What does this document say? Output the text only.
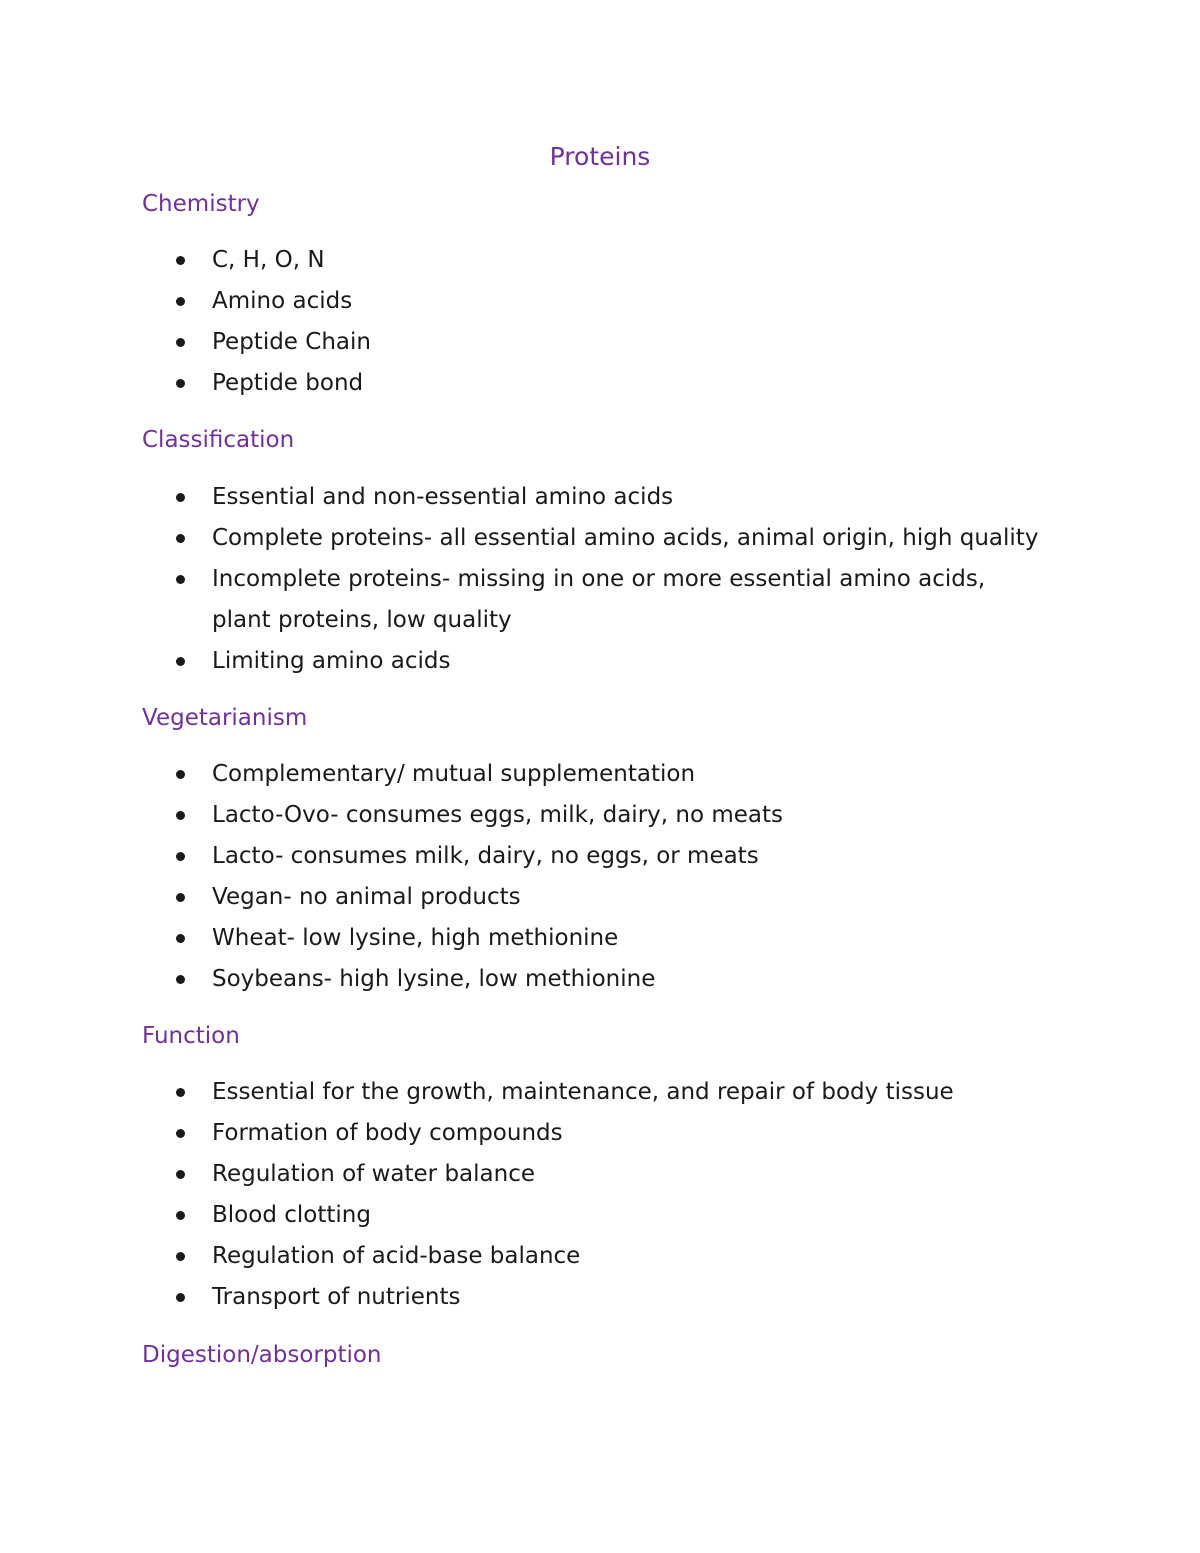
Proteins
Chemistry
C, H, O, N
Amino acids
Peptide Chain
Peptide bond
Classification
Essential and non-essential amino acids
Complete proteins- all essential amino acids, animal origin, high quality
Incomplete proteins- missing in one or more essential amino acids, plant proteins, low quality
Limiting amino acids
Vegetarianism
Complementary/ mutual supplementation
Lacto-Ovo- consumes eggs, milk, dairy, no meats
Lacto- consumes milk, dairy, no eggs, or meats
Vegan- no animal products
Wheat- low lysine, high methionine
Soybeans- high lysine, low methionine
Function
Essential for the growth, maintenance, and repair of body tissue
Formation of body compounds
Regulation of water balance
Blood clotting
Regulation of acid-base balance
Transport of nutrients
Digestion/absorption
